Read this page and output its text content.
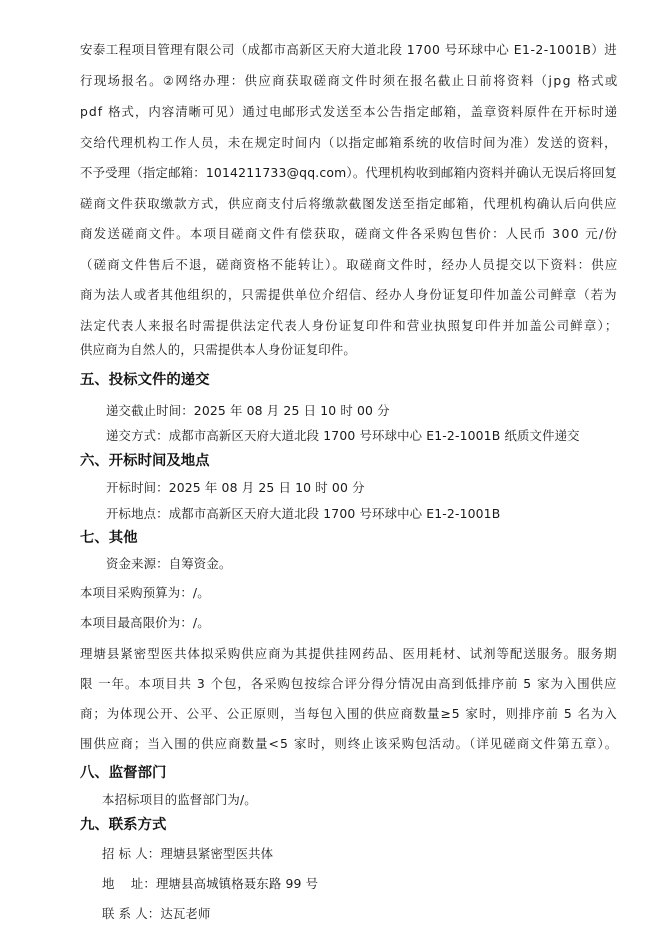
安泰工程项目管理有限公司（成都市高新区天府大道北段 1700 号环球中心 E1-2-1001B）进
行现场报名。②网络办理：供应商获取磋商文件时须在报名截止日前将资料（jpg 格式或
pdf 格式，内容清晰可见）通过电邮形式发送至本公告指定邮箱，盖章资料原件在开标时递
交给代理机构工作人员，未在规定时间内（以指定邮箱系统的收信时间为准）发送的资料，
不予受理（指定邮箱：1014211733@qq.com）。代理机构收到邮箱内资料并确认无误后将回复
磋商文件获取缴款方式，供应商支付后将缴款截图发送至指定邮箱，代理机构确认后向供应
商发送磋商文件。本项目磋商文件有偿获取，磋商文件各采购包售价：人民币 300 元/份
（磋商文件售后不退，磋商资格不能转让）。取磋商文件时，经办人员提交以下资料：供应
商为法人或者其他组织的，只需提供单位介绍信、经办人身份证复印件加盖公司鲜章（若为
法定代表人来报名时需提供法定代表人身份证复印件和营业执照复印件并加盖公司鲜章）；
供应商为自然人的，只需提供本人身份证复印件。
五、投标文件的递交
递交截止时间：2025 年 08 月 25 日 10 时 00 分
递交方式：成都市高新区天府大道北段 1700 号环球中心 E1-2-1001B 纸质文件递交
六、开标时间及地点
开标时间：2025 年 08 月 25 日 10 时 00 分
开标地点：成都市高新区天府大道北段 1700 号环球中心 E1-2-1001B
七、其他
资金来源：自筹资金。
本项目采购预算为：/。
本项目最高限价为：/。
理塘县紧密型医共体拟采购供应商为其提供挂网药品、医用耗材、试剂等配送服务。服务期
限 一年。本项目共 3 个包，各采购包按综合评分得分情况由高到低排序前 5 家为入围供应
商；为体现公开、公平、公正原则，当每包入围的供应商数量≥5 家时，则排序前 5 名为入
围供应商；当入围的供应商数量<5 家时，则终止该采购包活动。（详见磋商文件第五章）。
八、监督部门
本招标项目的监督部门为/。
九、联系方式
招 标 人：理塘县紧密型医共体
地    址：理塘县高城镇格聂东路 99 号
联 系 人：达瓦老师
